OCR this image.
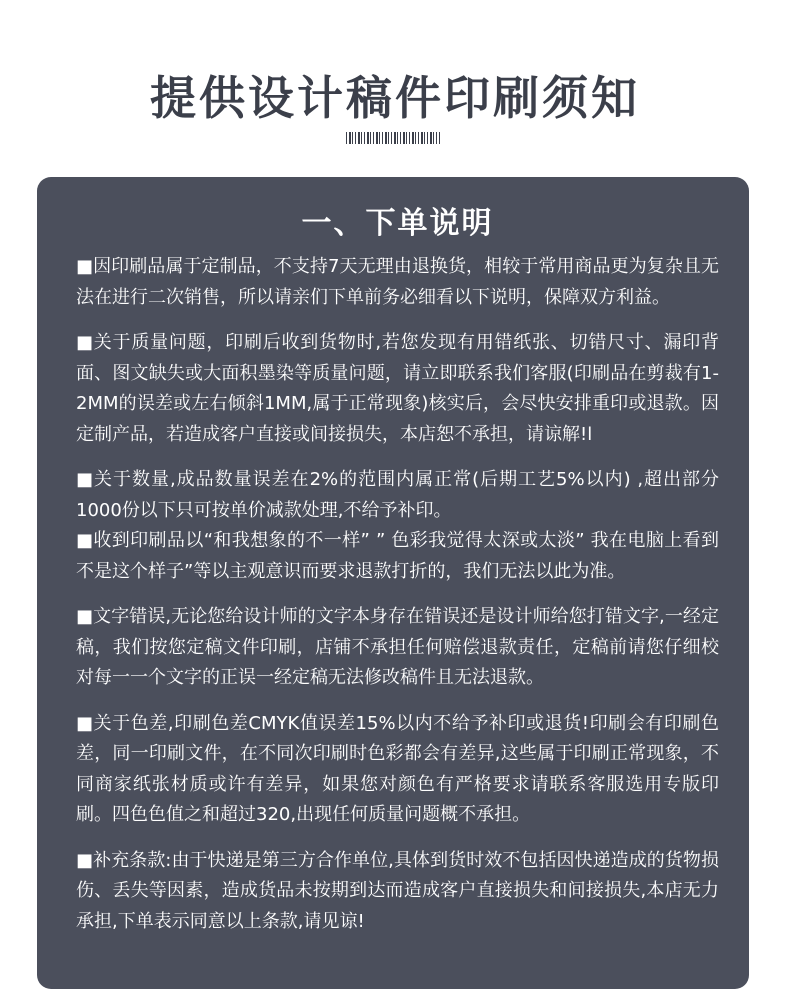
提供设计稿件印刷须知
一、下单说明

■因印刷品属于定制品，不支持7天无理由退换货，相较于常用商品更为复杂且无法在进行二次销售，所以请亲们下单前务必细看以下说明，保障双方利益。

■关于质量问题，印刷后收到货物时,若您发现有用错纸张、切错尺寸、漏印背面、图文缺失或大面积墨染等质量问题，请立即联系我们客服(印刷品在剪裁有1-2MM的误差或左右倾斜1MM,属于正常现象)核实后，会尽快安排重印或退款。因定制产品，若造成客户直接或间接损失，本店恕不承担，请谅解!l

■关于数量,成品数量误差在2%的范围内属正常(后期工艺5%以内) ,超出部分1000份以下只可按单价减款处理,不给予补印。

■收到印刷品以“和我想象的不一样” ” 色彩我觉得太深或太淡” 我在电脑上看到不是这个样子”等以主观意识而要求退款打折的，我们无法以此为准。

■文字错误,无论您给设计师的文字本身存在错误还是设计师给您打错文字,一经定稿，我们按您定稿文件印刷，店铺不承担任何赔偿退款责任，定稿前请您仔细校对每一一个文字的正误一经定稿无法修改稿件且无法退款。

■关于色差,印刷色差CMYK值误差15%以内不给予补印或退货!印刷会有印刷色差，同一印刷文件，在不同次印刷时色彩都会有差异,这些属于印刷正常现象，不同商家纸张材质或许有差异，如果您对颜色有严格要求请联系客服选用专版印刷。四色色值之和超过320,出现任何质量问题概不承担。

■补充条款:由于快递是第三方合作单位,具体到货时效不包括因快递造成的货物损伤、丢失等因素，造成货品未按期到达而造成客户直接损失和间接损失,本店无力承担,下单表示同意以上条款,请见谅!
